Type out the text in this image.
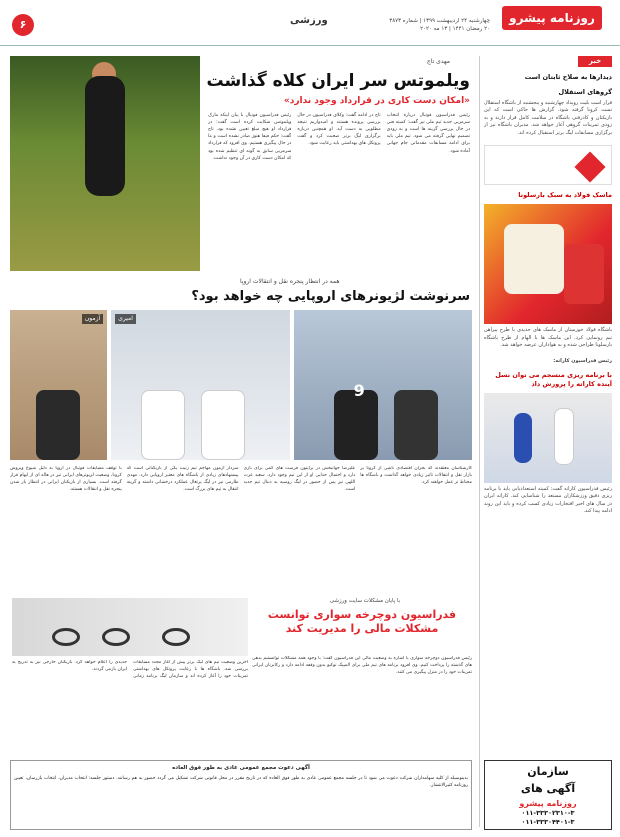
۶	ورزشی	چهارشنبه ۲۴ اردیبهشت ۱۳۹۹ | شماره ۳۸۷۳
۲۰ رمضان ۱۴۴۱ | ۱۳ مه ۲۰۲۰
روزنامه پیشرو
خبر
دیدارها به صلاح ثابتان است
گروهای استقلال
قرار است بلیت رویداد چهارشنبه و پنجشنبه از باشگاه استقلال تست کرونا گرفته شود. گزارش ها حاکی است که این بازیکنان و کادرفنی باشگاه در سلامت کامل قرار دارند و به زودی تمرینات گروهی آغاز خواهد شد. مدیران باشگاه نیز از برگزاری مسابقات لیگ برتر استقبال کرده اند.
ماسک فولاد به سبک بارسلونا
باشگاه فولاد خوزستان از ماسک های جدیدی با طرح پیراهن تیم رونمایی کرد. این ماسک ها با الهام از طرح باشگاه بارسلونا طراحی شده و به هواداران عرضه خواهد شد.
رئیس فدراسیون کاراته:
با برنامه ریزی منسجم می توان نسل آینده کاراته را پرورش داد
رئیس فدراسیون کاراته گفت: کمیته استعدادیابی باید با برنامه ریزی دقیق ورزشکاران مستعد را شناسایی کند. کاراته ایران در سال های اخیر افتخارات زیادی کسب کرده و باید این روند ادامه پیدا کند.
مهدی تاج
ویلموتس سر ایران کلاه گذاشت
«امکان دست کاری در قرارداد وجود ندارد»
رئیس فدراسیون فوتبال درباره انتخاب سرمربی جدید تیم ملی نیز گفت: کمیته فنی در حال بررسی گزینه ها است و به زودی تصمیم نهایی گرفته می شود. تیم ملی باید برای ادامه مسابقات مقدماتی جام جهانی آماده شود.
تاج در ادامه گفت: وکلای فدراسیون در حال بررسی پرونده هستند و امیدواریم نتیجه مطلوبی به دست آید. او همچنین درباره برگزاری لیگ برتر صحبت کرد و گفت پروتکل های بهداشتی باید رعایت شود.
رئیس فدراسیون فوتبال با بیان اینکه مارک ویلموتس شکایت کرده است گفت: در قرارداد او هیچ مبلغ تعیین نشده بود. تاج گفت: حکم فیفا هنوز صادر نشده است و ما در حال پیگیری هستیم. وی افزود که قرارداد سرمربی سابق به گونه ای تنظیم شده بود که امکان دست کاری در آن وجود نداشت.
همه در انتظار پنجره نقل و انتقالات اروپا
سرنوشت لژیونرهای اروپایی چه خواهد بود؟
9
امیری
آزمون
کارشناسان معتقدند که بحران اقتصادی ناشی از کرونا بر بازار نقل و انتقالات تاثیر زیادی خواهد گذاشت و باشگاه ها محتاط تر عمل خواهند کرد.
علیرضا جهانبخش در برایتون فرصت های کمی برای بازی دارد و احتمال جدایی او از این تیم وجود دارد. سعید عزت اللهی نیز پس از حضور در لیگ روسیه به دنبال تیم جدید است.
سردار آزمون مهاجم تیم زنیت یکی از بازیکنانی است که پیشنهادهای زیادی از باشگاه های معتبر اروپایی دارد. مهدی طارمی نیز در لیگ پرتغال عملکرد درخشانی داشته و گزینه انتقال به تیم های بزرگ است.
با توقف مسابقات فوتبال در اروپا به دلیل شیوع ویروس کرونا، وضعیت لژیونرهای ایرانی نیز در هاله ای از ابهام قرار گرفته است. بسیاری از بازیکنان ایرانی در انتظار باز شدن پنجره نقل و انتقالات هستند.
با پایان مشکلات سایت ورزشی
فدراسیون دوچرخه سواری توانست مشکلات مالی را مدیریت کند
رئیس فدراسیون دوچرخه سواری با اشاره به وضعیت مالی این فدراسیون گفت: با وجود همه مشکلات توانستیم بدهی های گذشته را پرداخت کنیم. وی افزود برنامه های تیم ملی برای المپیک توکیو بدون وقفه ادامه دارد و رکابزنان ایرانی تمرینات خود را در منزل پیگیری می کنند.
آخرین وضعیت تیم های لیگ برتر پیش از آغاز مجدد مسابقات بررسی شد. باشگاه ها با رعایت پروتکل های بهداشتی تمرینات خود را آغاز کرده اند و سازمان لیگ برنامه زمانی جدیدی را اعلام خواهد کرد. بازیکنان خارجی نیز به تدریج به ایران بازمی گردند.
آگهی دعوت مجمع عمومی عادی به طور فوق العاده
بدینوسیله از کلیه سهامداران شرکت دعوت می شود تا در جلسه مجمع عمومی عادی به طور فوق العاده که در تاریخ مقرر در محل قانونی شرکت تشکیل می گردد حضور به هم رسانند. دستور جلسه: انتخاب مدیران، انتخاب بازرسان، تعیین روزنامه کثیرالانتشار.
سازمان
آگهی های
روزنامه پیشرو
۰۱۱-۳۳۳۰۲۳۱۰-۳
۰۱۱-۳۳۳۰۴۴۰۱-۳
